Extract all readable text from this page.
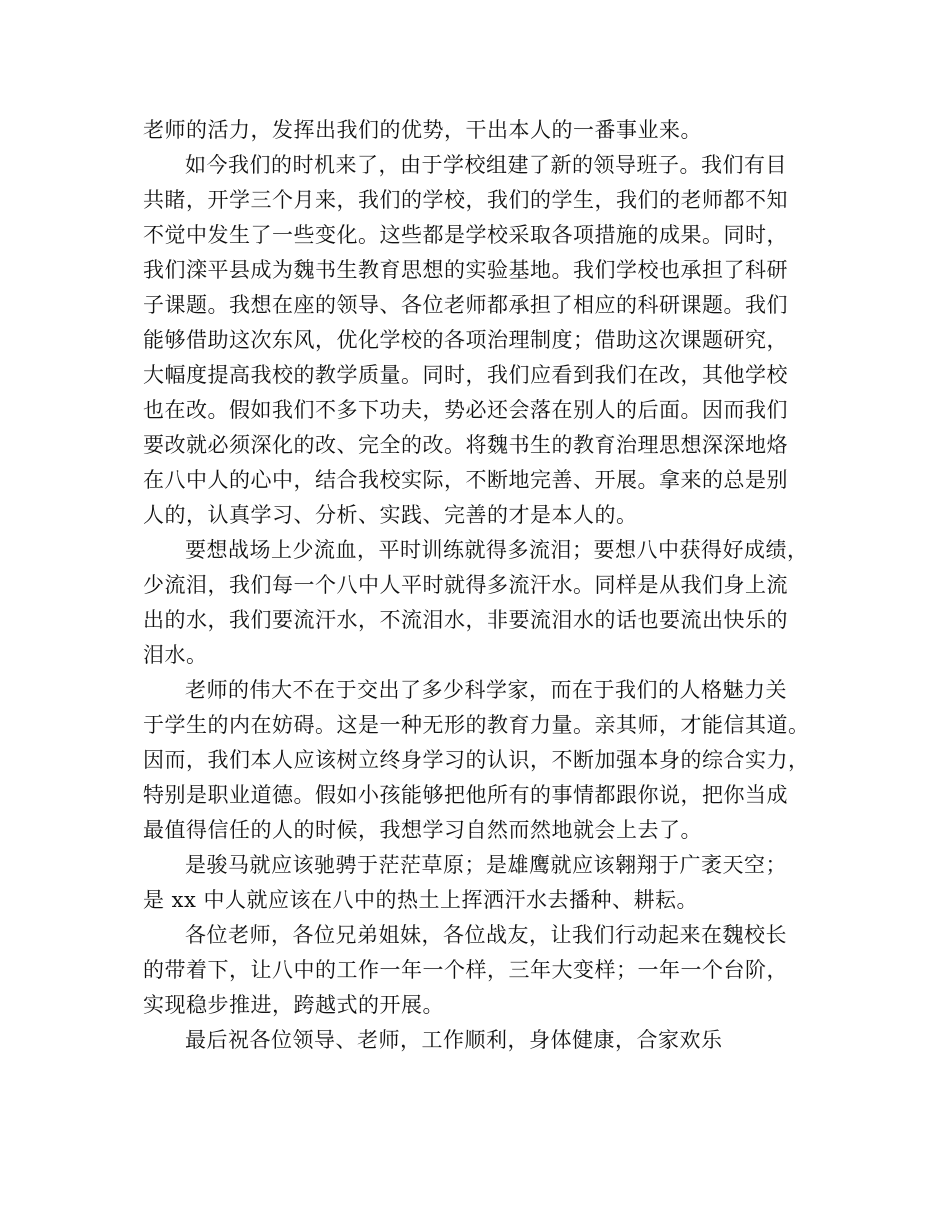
老师的活力，发挥出我们的优势，干出本人的一番事业来。
如今我们的时机来了，由于学校组建了新的领导班子。我们有目
共睹，开学三个月来，我们的学校，我们的学生，我们的老师都不知
不觉中发生了一些变化。这些都是学校采取各项措施的成果。同时，
我们滦平县成为魏书生教育思想的实验基地。我们学校也承担了科研
子课题。我想在座的领导、各位老师都承担了相应的科研课题。我们
能够借助这次东风，优化学校的各项治理制度；借助这次课题研究，
大幅度提高我校的教学质量。同时，我们应看到我们在改，其他学校
也在改。假如我们不多下功夫，势必还会落在别人的后面。因而我们
要改就必须深化的改、完全的改。将魏书生的教育治理思想深深地烙
在八中人的心中，结合我校实际，不断地完善、开展。拿来的总是别
人的，认真学习、分析、实践、完善的才是本人的。
要想战场上少流血，平时训练就得多流泪；要想八中获得好成绩，
少流泪，我们每一个八中人平时就得多流汗水。同样是从我们身上流
出的水，我们要流汗水，不流泪水，非要流泪水的话也要流出快乐的
泪水。
老师的伟大不在于交出了多少科学家，而在于我们的人格魅力关
于学生的内在妨碍。这是一种无形的教育力量。亲其师，才能信其道。
因而，我们本人应该树立终身学习的认识，不断加强本身的综合实力，
特别是职业道德。假如小孩能够把他所有的事情都跟你说，把你当成
最值得信任的人的时候，我想学习自然而然地就会上去了。
是骏马就应该驰骋于茫茫草原；是雄鹰就应该翱翔于广袤天空；
是 xx 中人就应该在八中的热土上挥洒汗水去播种、耕耘。
各位老师，各位兄弟姐妹，各位战友，让我们行动起来在魏校长
的带着下，让八中的工作一年一个样，三年大变样；一年一个台阶，
实现稳步推进，跨越式的开展。
最后祝各位领导、老师，工作顺利，身体健康，合家欢乐
